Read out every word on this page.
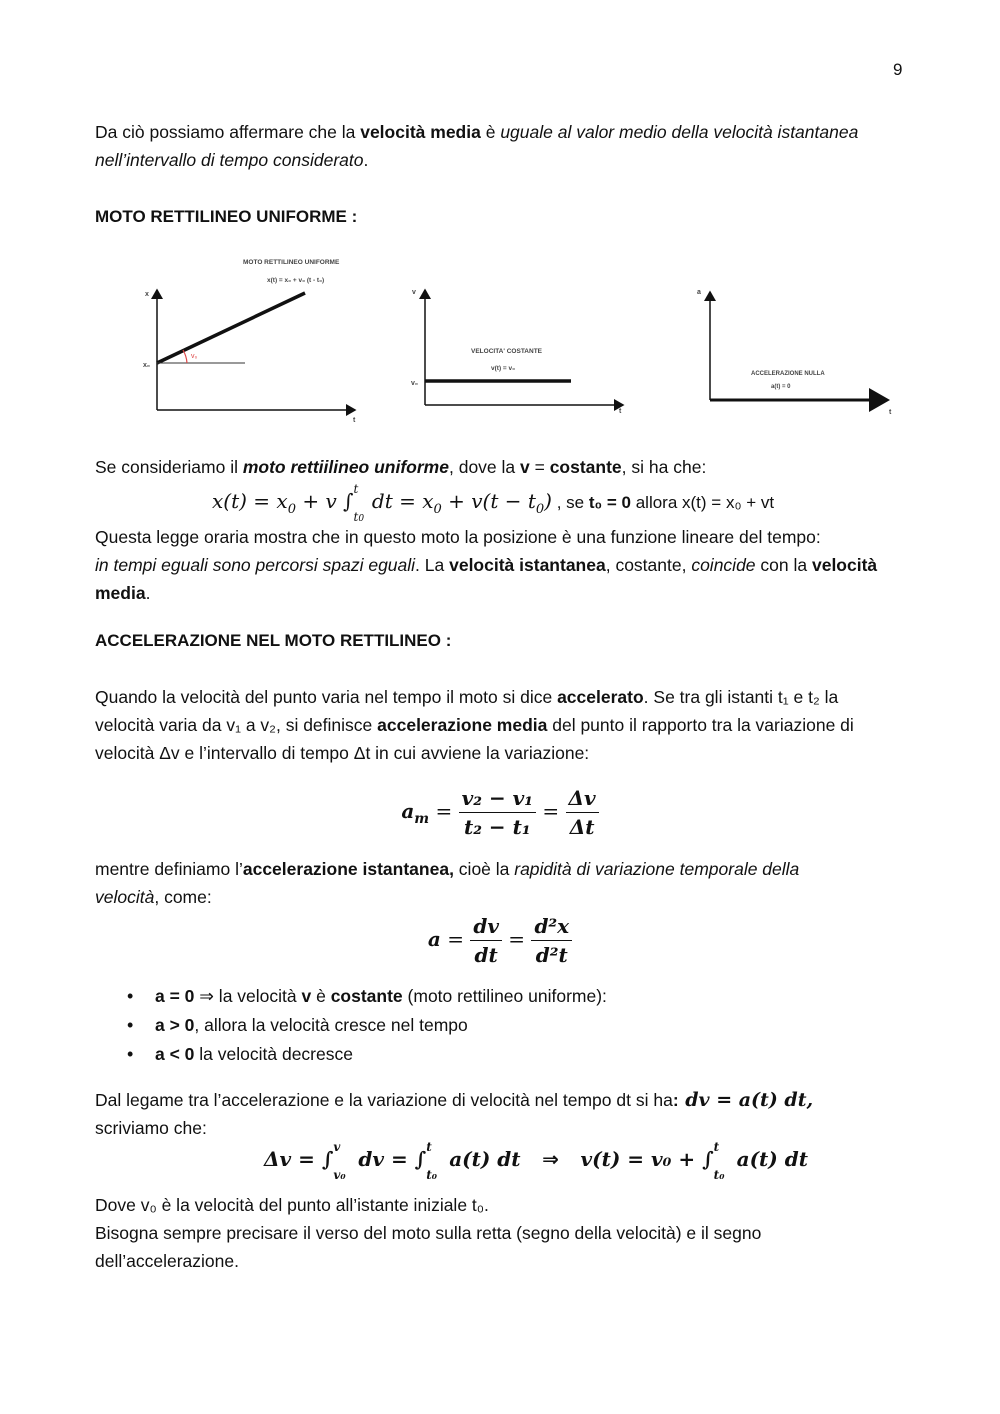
9
Da ciò possiamo affermare che la velocità media è uguale al valor medio della velocità istantanea
nell’intervallo di tempo considerato.
MOTO RETTILINEO UNIFORME :
MOTO RETTILINEO UNIFORME
x(t) = x₀ + v₀ (t - t₀)
x
t
x₀
v₀
VELOCITA' COSTANTE
v(t) = v₀
v
t
v₀
ACCELERAZIONE NULLA
a(t) = 0
a
t
Se consideriamo il moto rettiilineo uniforme, dove la v = costante, si ha che:
$x(t) = x_0 + v$ ∫ t
t0
dt = $x_0 + v(t - t_0)$ , se t₀ = 0 allora x(t) = x₀ + vt
Questa legge oraria mostra che in questo moto la posizione è una funzione lineare del tempo:
in tempi eguali sono percorsi spazi eguali. La velocità istantanea, costante, coincide con la velocità
media.
ACCELERAZIONE NEL MOTO RETTILINEO :
Quando la velocità del punto varia nel tempo il moto si dice accelerato. Se tra gli istanti t₁ e t₂ la
velocità varia da v₁ a v₂, si definisce accelerazione media del punto il rapporto tra la variazione di
velocità Δv e l’intervallo di tempo Δt in cui avviene la variazione:
$a_m = \frac{\text{v₂ − v₁}}{\text{t₂ − t₁}} = \frac{\Delta v}{\Delta t}$
mentre definiamo l’accelerazione istantanea, cioè la rapidità di variazione temporale della
velocità, come:
$a = \frac{dv}{dt} = \frac{\text{d²x}}{\text{d²t}}$
• a = 0 ⇒ la velocità v è costante (moto rettilineo uniforme):
• a > 0, allora la velocità cresce nel tempo
• a < 0 la velocità decresce
Dal legame tra l’accelerazione e la variazione di velocità nel tempo dt si ha: dv = a(t) dt,
scriviamo che:
Δv = ∫ v
v₀
dv = ∫ t
t₀
a(t) dt ⇒ v(t) = v₀ + ∫ t
t₀
a(t) dt
Dove v₀ è la velocità del punto all’istante iniziale t₀.
Bisogna sempre precisare il verso del moto sulla retta (segno della velocità) e il segno
dell’accelerazione.
